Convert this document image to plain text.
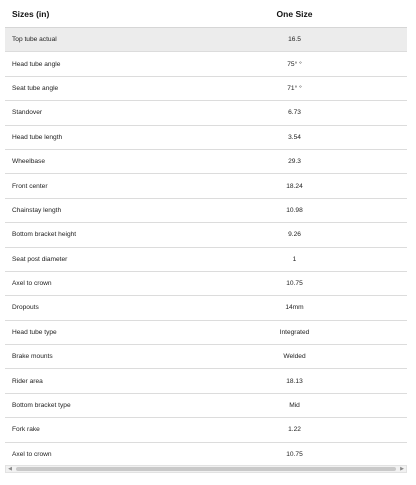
Sizes (in)	One Size
Top tube actual	16.5
Head tube angle	75° °
Seat tube angle	71° °
Standover	6.73
Head tube length	3.54
Wheelbase	29.3
Front center	18.24
Chainstay length	10.98
Bottom bracket height	9.26
Seat post diameter	1
Axel to crown	10.75
Dropouts	14mm
Head tube type	Integrated
Brake mounts	Welded
Rider area	18.13
Bottom bracket type	Mid
Fork rake	1.22
Axel to crown	10.75
◀	▶
